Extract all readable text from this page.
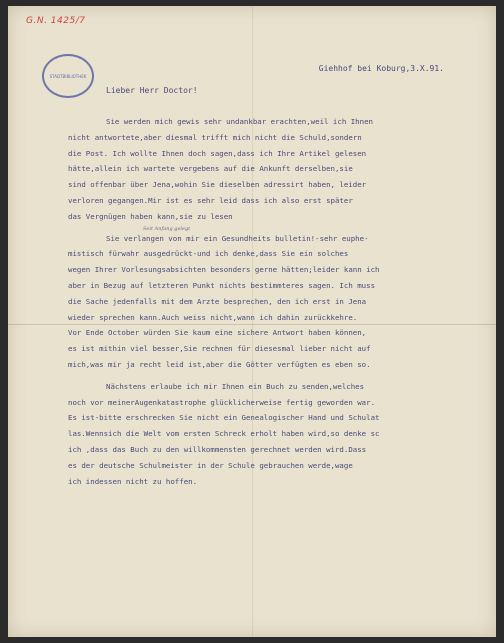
G.N. 1425/7
STADTBIBLIOTHEK
Giehhof bei Koburg,3.X.91.
Lieber Herr Doctor!
Seit Anfang gelegt
Sie werden mich gewis sehr undankbar erachten,weil ich Ihnen
nicht antwortete,aber diesmal trifft mich nicht die Schuld,sondern
die Post. Ich wollte Ihnen doch sagen,dass ich Ihre Artikel gelesen
hätte,allein ich wartete vergebens auf die Ankunft derselben,sie
sind offenbar über Jena,wohin Sie dieselben adressirt haben, leider
verloren gegangen.Mir ist es sehr leid dass ich also erst später
das Vergnügen haben kann,sie zu lesen
Sie verlangen von mir ein Gesundheits bulletin!-sehr euphe-
mistisch fürwahr ausgedrückt-und ich denke,dass Sie ein solches
wegen Ihrer Vorlesungsabsichten besonders gerne hätten;leider kann ich
aber in Bezug auf letzteren Punkt nichts bestimmteres sagen. Ich muss
die Sache jedenfalls mit dem Arzte besprechen, den ich erst in Jena
wieder sprechen kann.Auch weiss nicht,wann ich dahin zurückkehre.
Vor Ende October würden Sie kaum eine sichere Antwort haben können,
es ist mithin viel besser,Sie rechnen für diesesmal lieber nicht auf
mich,was mir ja recht leid ist,aber die Götter verfügten es eben so.
Nächstens erlaube ich mir Ihnen ein Buch zu senden,welches
noch vor meinerAugenkatastrophe glücklicherweise fertig geworden war.
Es ist-bitte erschrecken Sie nicht ein Genealogischer Hand und Schulat
las.Wennsich die Welt vom ersten Schreck erholt haben wird,so denke sc
ich ,dass das Buch zu den willkommensten gerechnet werden wird.Dass
es der deutsche Schulmeister in der Schule gebrauchen werde,wage
ich indessen nicht zu hoffen.
